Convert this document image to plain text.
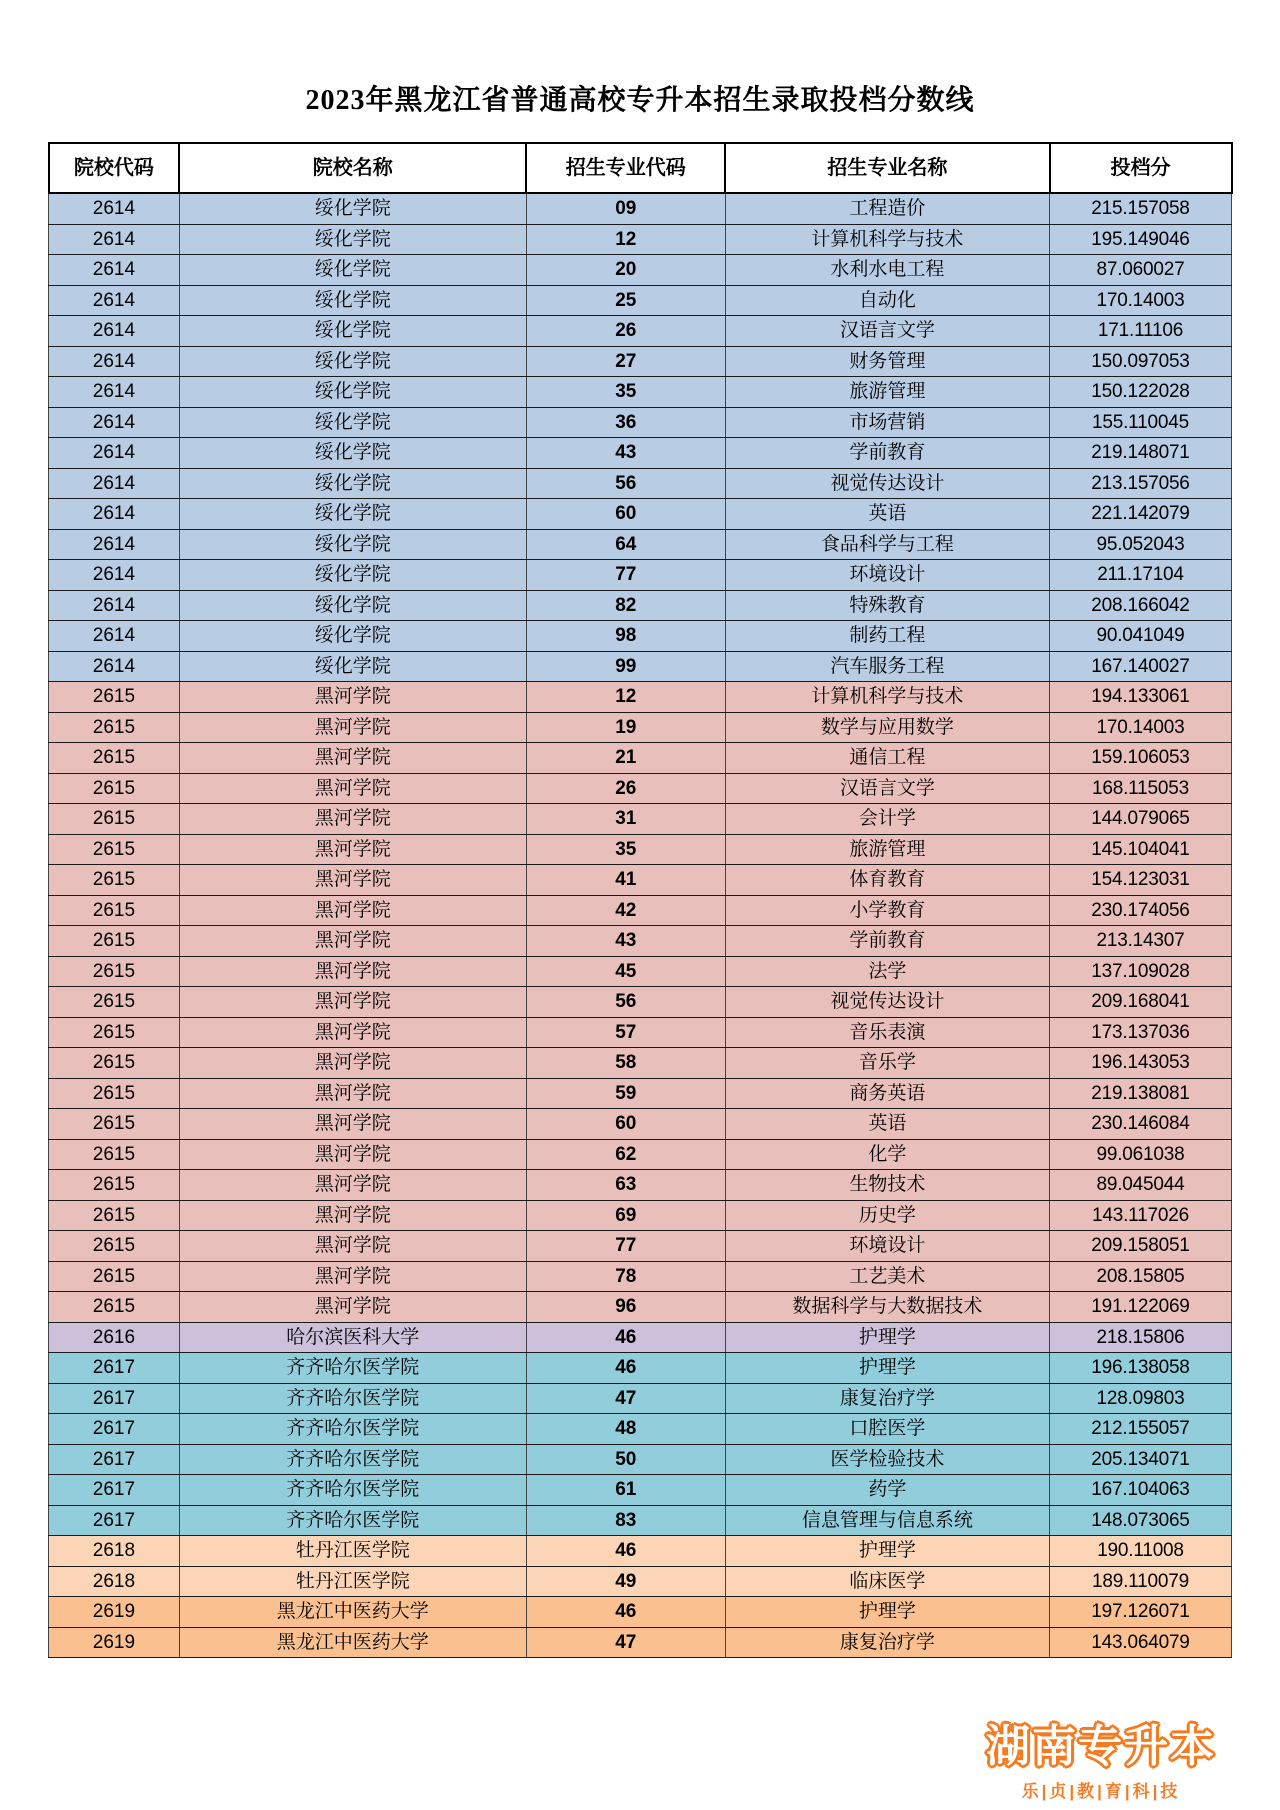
2023年黑龙江省普通高校专升本招生录取投档分数线
院校代码	院校名称	招生专业代码	招生专业名称	投档分
2614	绥化学院	09	工程造价	215.157058
2614	绥化学院	12	计算机科学与技术	195.149046
2614	绥化学院	20	水利水电工程	87.060027
2614	绥化学院	25	自动化	170.14003
2614	绥化学院	26	汉语言文学	171.11106
2614	绥化学院	27	财务管理	150.097053
2614	绥化学院	35	旅游管理	150.122028
2614	绥化学院	36	市场营销	155.110045
2614	绥化学院	43	学前教育	219.148071
2614	绥化学院	56	视觉传达设计	213.157056
2614	绥化学院	60	英语	221.142079
2614	绥化学院	64	食品科学与工程	95.052043
2614	绥化学院	77	环境设计	211.17104
2614	绥化学院	82	特殊教育	208.166042
2614	绥化学院	98	制药工程	90.041049
2614	绥化学院	99	汽车服务工程	167.140027
2615	黑河学院	12	计算机科学与技术	194.133061
2615	黑河学院	19	数学与应用数学	170.14003
2615	黑河学院	21	通信工程	159.106053
2615	黑河学院	26	汉语言文学	168.115053
2615	黑河学院	31	会计学	144.079065
2615	黑河学院	35	旅游管理	145.104041
2615	黑河学院	41	体育教育	154.123031
2615	黑河学院	42	小学教育	230.174056
2615	黑河学院	43	学前教育	213.14307
2615	黑河学院	45	法学	137.109028
2615	黑河学院	56	视觉传达设计	209.168041
2615	黑河学院	57	音乐表演	173.137036
2615	黑河学院	58	音乐学	196.143053
2615	黑河学院	59	商务英语	219.138081
2615	黑河学院	60	英语	230.146084
2615	黑河学院	62	化学	99.061038
2615	黑河学院	63	生物技术	89.045044
2615	黑河学院	69	历史学	143.117026
2615	黑河学院	77	环境设计	209.158051
2615	黑河学院	78	工艺美术	208.15805
2615	黑河学院	96	数据科学与大数据技术	191.122069
2616	哈尔滨医科大学	46	护理学	218.15806
2617	齐齐哈尔医学院	46	护理学	196.138058
2617	齐齐哈尔医学院	47	康复治疗学	128.09803
2617	齐齐哈尔医学院	48	口腔医学	212.155057
2617	齐齐哈尔医学院	50	医学检验技术	205.134071
2617	齐齐哈尔医学院	61	药学	167.104063
2617	齐齐哈尔医学院	83	信息管理与信息系统	148.073065
2618	牡丹江医学院	46	护理学	190.11008
2618	牡丹江医学院	49	临床医学	189.110079
2619	黑龙江中医药大学	46	护理学	197.126071
2619	黑龙江中医药大学	47	康复治疗学	143.064079
湖南专升本
乐|贞|教|育|科|技
